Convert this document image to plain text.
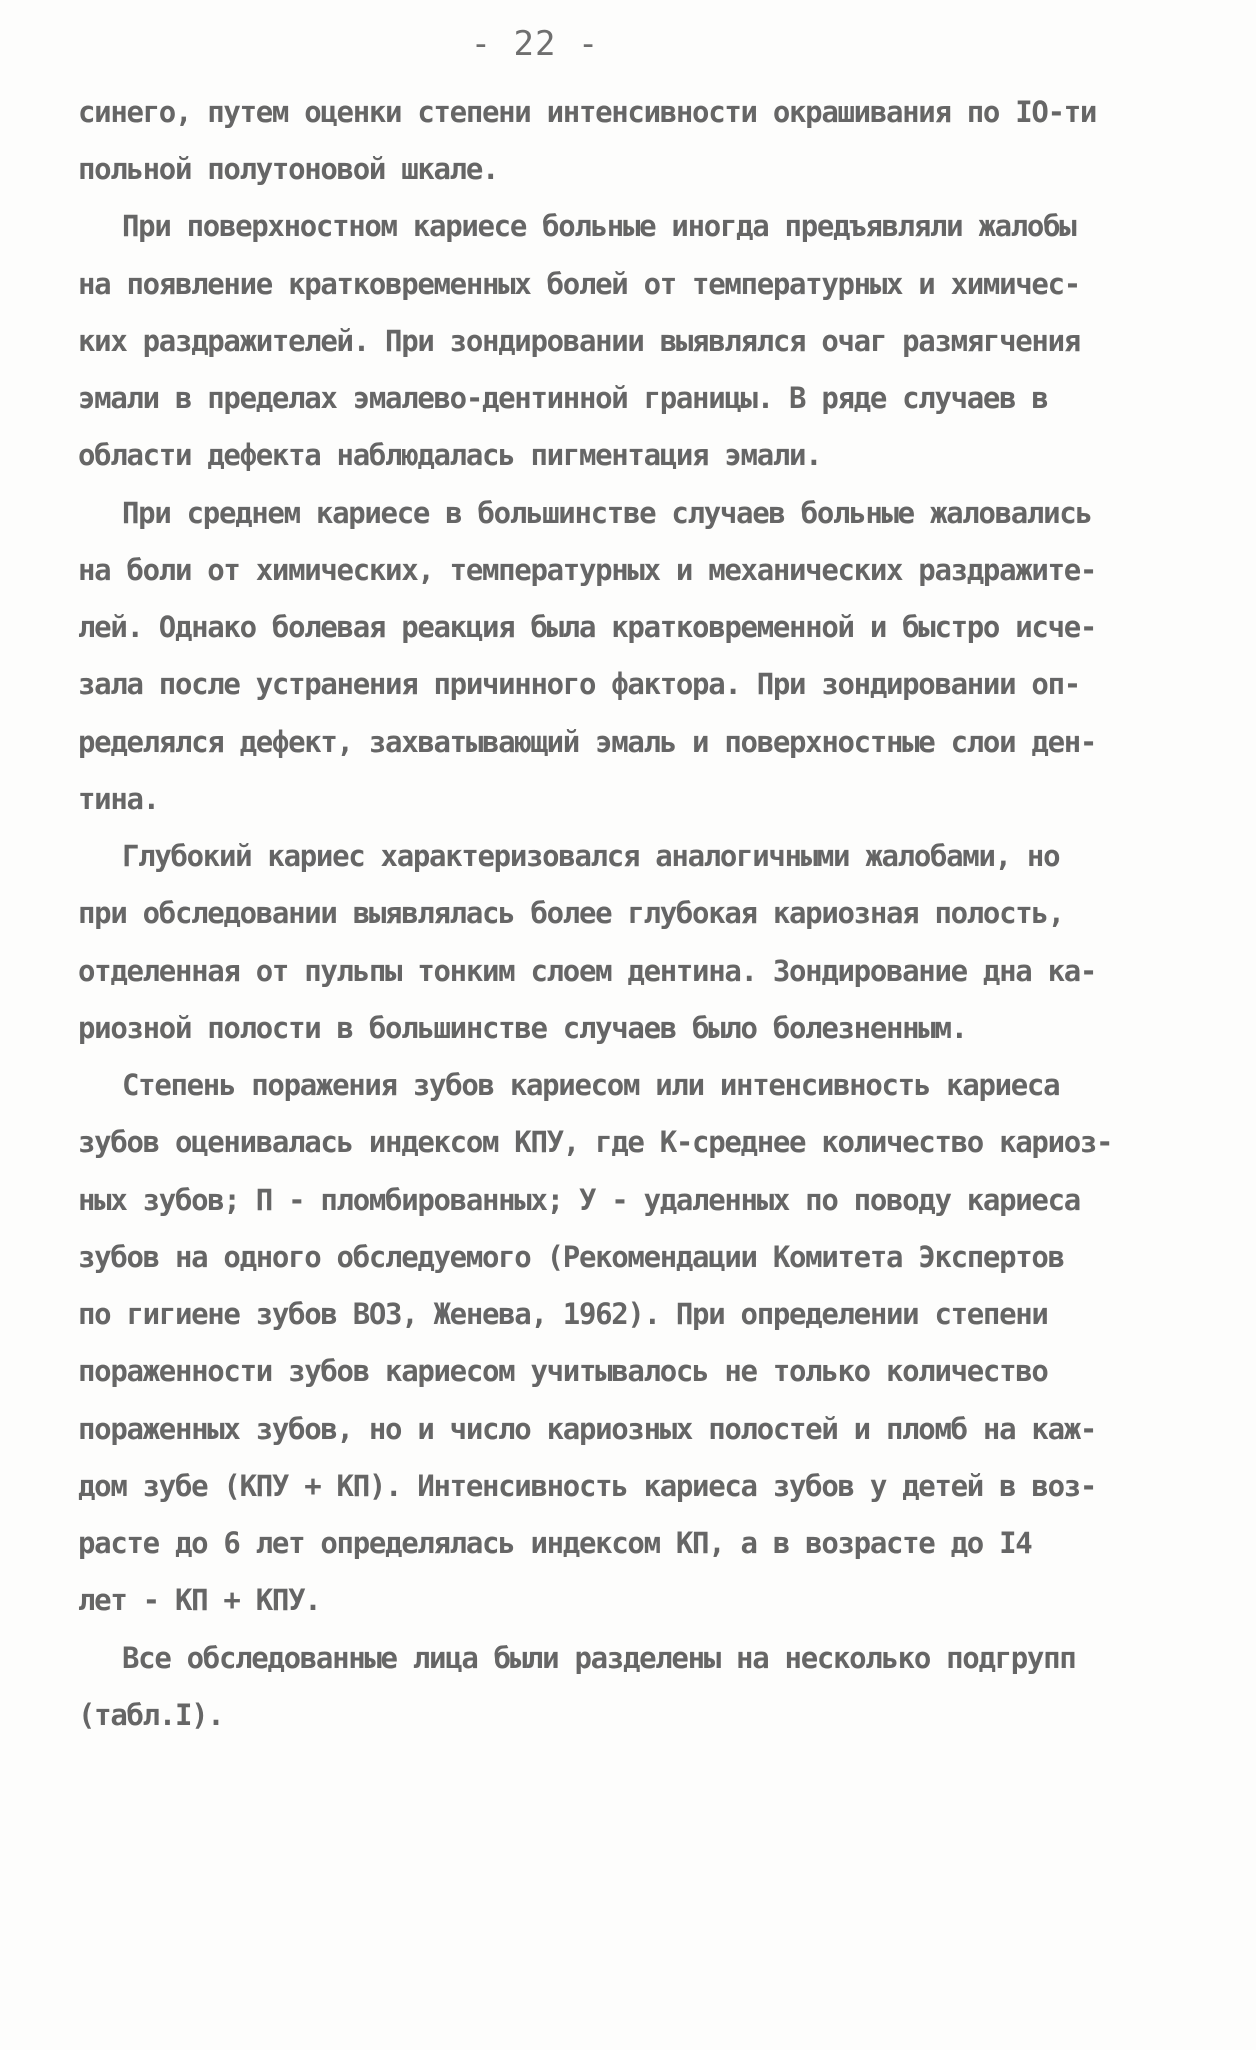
- 22 -
синего, путем оценки степени интенсивности окрашивания по IO-ти
польной полутоновой шкале.
При поверхностном кариесе больные иногда предъявляли жалобы
на появление кратковременных болей от температурных и химичес-
ких раздражителей. При зондировании выявлялся очаг размягчения
эмали в пределах эмалево-дентинной границы. В ряде случаев в
области дефекта наблюдалась пигментация эмали.
При среднем кариесе в большинстве случаев больные жаловались
на боли от химических, температурных и механических раздражите-
лей. Однако болевая реакция была кратковременной и быстро исче-
зала после устранения причинного фактора. При зондировании оп-
ределялся дефект, захватывающий эмаль и поверхностные слои ден-
тина.
Глубокий кариес характеризовался аналогичными жалобами, но
при обследовании выявлялась более глубокая кариозная полость,
отделенная от пульпы тонким слоем дентина. Зондирование дна ка-
риозной полости в большинстве случаев было болезненным.
Степень поражения зубов кариесом или интенсивность кариеса
зубов оценивалась индексом КПУ, где К-среднее количество кариоз-
ных зубов; П - пломбированных; У - удаленных по поводу кариеса
зубов на одного обследуемого (Рекомендации Комитета Экспертов
по гигиене зубов ВОЗ, Женева, 1962). При определении степени
пораженности зубов кариесом учитывалось не только количество
пораженных зубов, но и число кариозных полостей и пломб на каж-
дом зубе (КПУ + КП). Интенсивность кариеса зубов у детей в воз-
расте до 6 лет определялась индексом КП, а в возрасте до I4
лет - КП + КПУ.
Все обследованные лица были разделены на несколько подгрупп
(табл.I).
